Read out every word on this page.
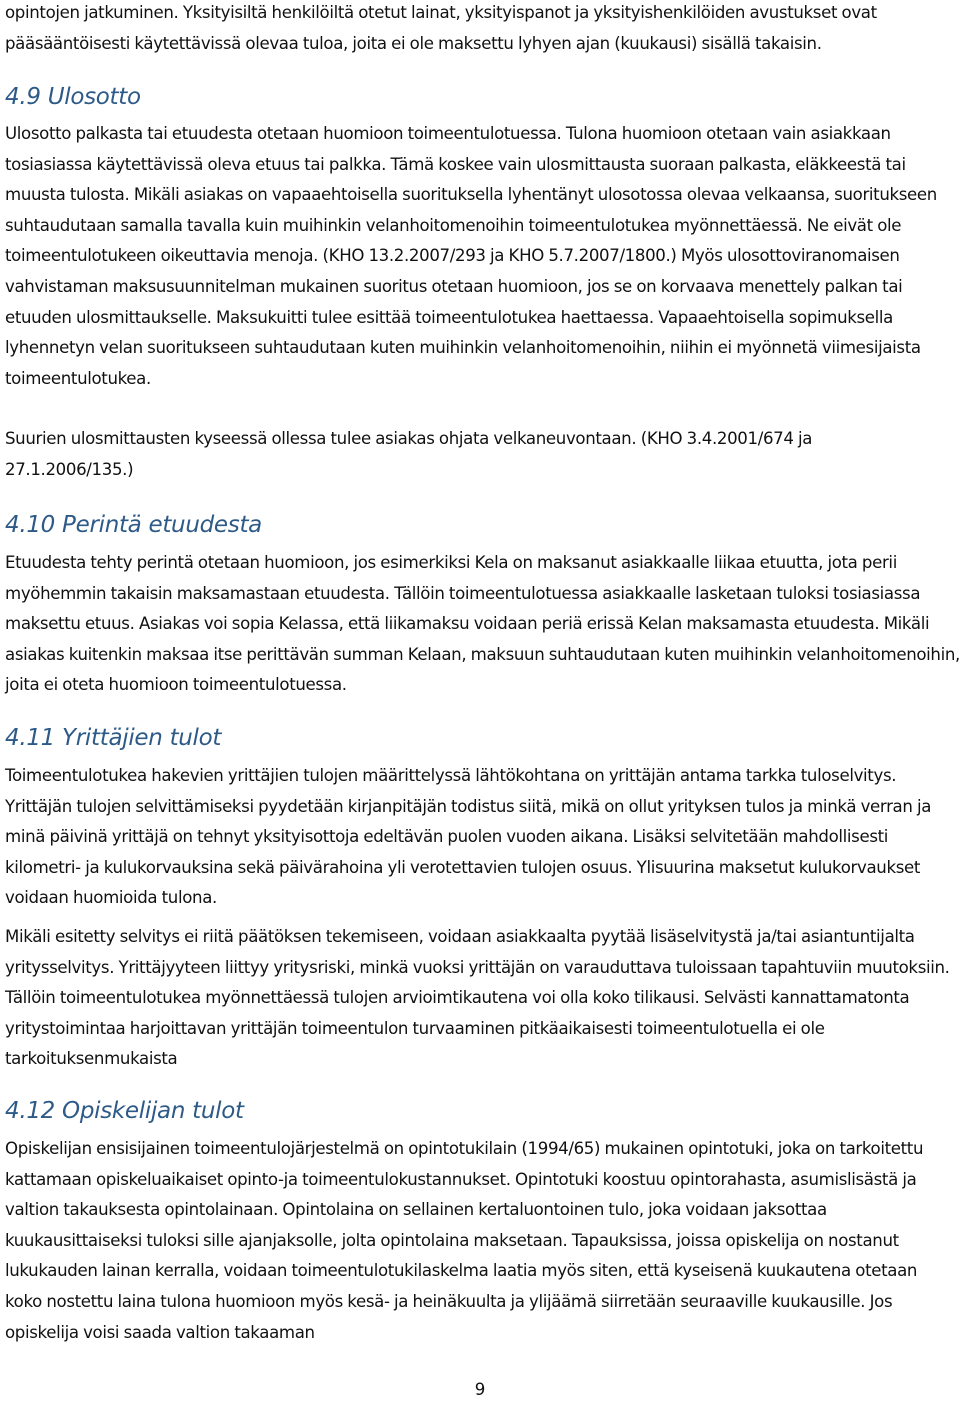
opintojen jatkuminen. Yksityisiltä henkilöiltä otetut lainat, yksityispanot ja yksityishenkilöiden avustukset ovat pääsääntöisesti käytettävissä olevaa tuloa, joita ei ole maksettu lyhyen ajan (kuukausi) sisällä takaisin.

4.9 Ulosotto

Ulosotto palkasta tai etuudesta otetaan huomioon toimeentulotuessa. Tulona huomioon otetaan vain asiakkaan tosiasiassa käytettävissä oleva etuus tai palkka. Tämä koskee vain ulosmittausta suoraan palkasta, eläkkeestä tai muusta tulosta. Mikäli asiakas on vapaaehtoisella suorituksella lyhentänyt ulosotossa olevaa velkaansa, suoritukseen suhtaudutaan samalla tavalla kuin muihinkin velanhoitomenoihin toimeentulotukea myönnettäessä. Ne eivät ole toimeentulotukeen oikeuttavia menoja. (KHO 13.2.2007/293 ja KHO 5.7.2007/1800.) Myös ulosottoviranomaisen vahvistaman maksusuunnitelman mukainen suoritus otetaan huomioon, jos se on korvaava menettely palkan tai etuuden ulosmittaukselle. Maksukuitti tulee esittää toimeentulotukea haettaessa. Vapaaehtoisella sopimuksella lyhennetyn velan suoritukseen suhtaudutaan kuten muihinkin velanhoitomenoihin, niihin ei myönnetä viimesijaista toimeentulotukea.

Suurien ulosmittausten kyseessä ollessa tulee asiakas ohjata velkaneuvontaan. (KHO 3.4.2001/674 ja 27.1.2006/135.)

4.10 Perintä etuudesta

Etuudesta tehty perintä otetaan huomioon, jos esimerkiksi Kela on maksanut asiakkaalle liikaa etuutta, jota perii myöhemmin takaisin maksamastaan etuudesta. Tällöin toimeentulotuessa asiakkaalle lasketaan tuloksi tosiasiassa maksettu etuus. Asiakas voi sopia Kelassa, että liikamaksu voidaan periä erissä Kelan maksamasta etuudesta. Mikäli asiakas kuitenkin maksaa itse perittävän summan Kelaan, maksuun suhtaudutaan kuten muihinkin velanhoitomenoihin, joita ei oteta huomioon toimeentulotuessa.

4.11 Yrittäjien tulot

Toimeentulotukea hakevien yrittäjien tulojen määrittelyssä lähtökohtana on yrittäjän antama tarkka tuloselvitys. Yrittäjän tulojen selvittämiseksi pyydetään kirjanpitäjän todistus siitä, mikä on ollut yrityksen tulos ja minkä verran ja minä päivinä yrittäjä on tehnyt yksityisottoja edeltävän puolen vuoden aikana. Lisäksi selvitetään mahdollisesti kilometri- ja kulukorvauksina sekä päivärahoina yli verotettavien tulojen osuus. Ylisuurina maksetut kulukorvaukset voidaan huomioida tulona.

Mikäli esitetty selvitys ei riitä päätöksen tekemiseen, voidaan asiakkaalta pyytää lisäselvitystä ja/tai asiantuntijalta yritysselvitys. Yrittäjyyteen liittyy yritysriski, minkä vuoksi yrittäjän on varauduttava tuloissaan tapahtuviin muutoksiin. Tällöin toimeentulotukea myönnettäessä tulojen arvioimtikautena voi olla koko tilikausi. Selvästi kannattamatonta yritystoimintaa harjoittavan yrittäjän toimeentulon turvaaminen pitkäaikaisesti toimeentulotuella ei ole tarkoituksenmukaista

4.12 Opiskelijan tulot

Opiskelijan ensisijainen toimeentulojärjestelmä on opintotukilain (1994/65) mukainen opintotuki, joka on tarkoitettu kattamaan opiskeluaikaiset opinto-ja toimeentulokustannukset. Opintotuki koostuu opintorahasta, asumislisästä ja valtion takauksesta opintolainaan. Opintolaina on sellainen kertaluontoinen tulo, joka voidaan jaksottaa kuukausittaiseksi tuloksi sille ajanjaksolle, jolta opintolaina maksetaan. Tapauksissa, joissa opiskelija on nostanut lukukauden lainan kerralla, voidaan toimeentulotukilaskelma laatia myös siten, että kyseisenä kuukautena otetaan koko nostettu laina tulona huomioon myös kesä- ja heinäkuulta ja ylijäämä siirretään seuraaville kuukausille. Jos opiskelija voisi saada valtion takaaman

9
